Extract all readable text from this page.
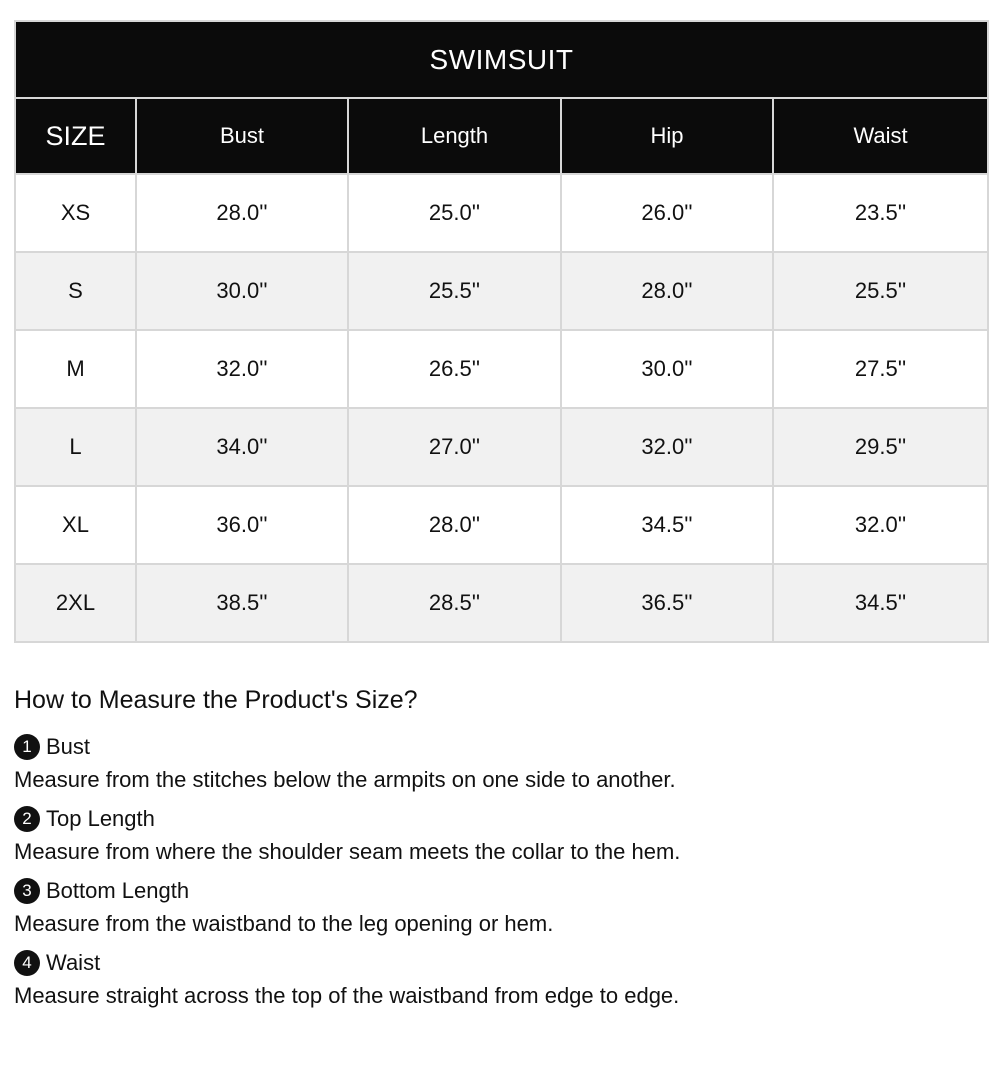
SWIMSUIT				
SIZE	Bust	Length	Hip	Waist
XS	28.0''	25.0''	26.0''	23.5''
S	30.0''	25.5''	28.0''	25.5''
M	32.0''	26.5''	30.0''	27.5''
L	34.0''	27.0''	32.0''	29.5''
XL	36.0''	28.0''	34.5''	32.0''
2XL	38.5''	28.5''	36.5''	34.5''
How to Measure the Product's Size?
1 Bust

Measure from the stitches below the armpits on one side to another.

2 Top Length

Measure from where the shoulder seam meets the collar to the hem.

3 Bottom Length

Measure from the waistband to the leg opening or hem.

4 Waist

Measure straight across the top of the waistband from edge to edge.
